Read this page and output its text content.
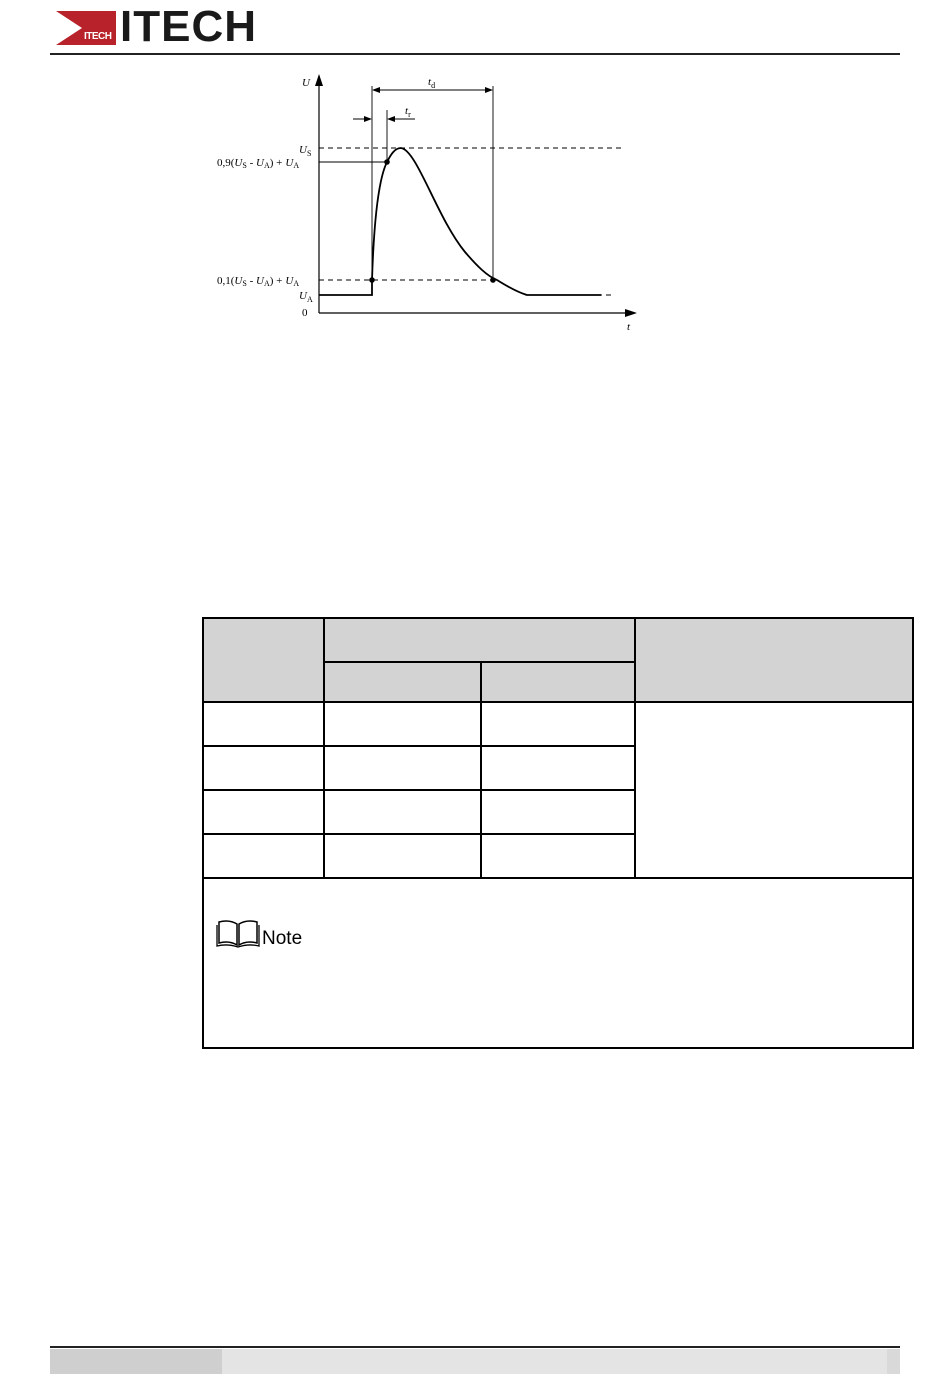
ITECH ITECH
U
t
0
$U_S$
0,9(US - UA) + UA
0,1(US - UA) + UA
$U_A$
$t_d$
$t_r$

Note			
